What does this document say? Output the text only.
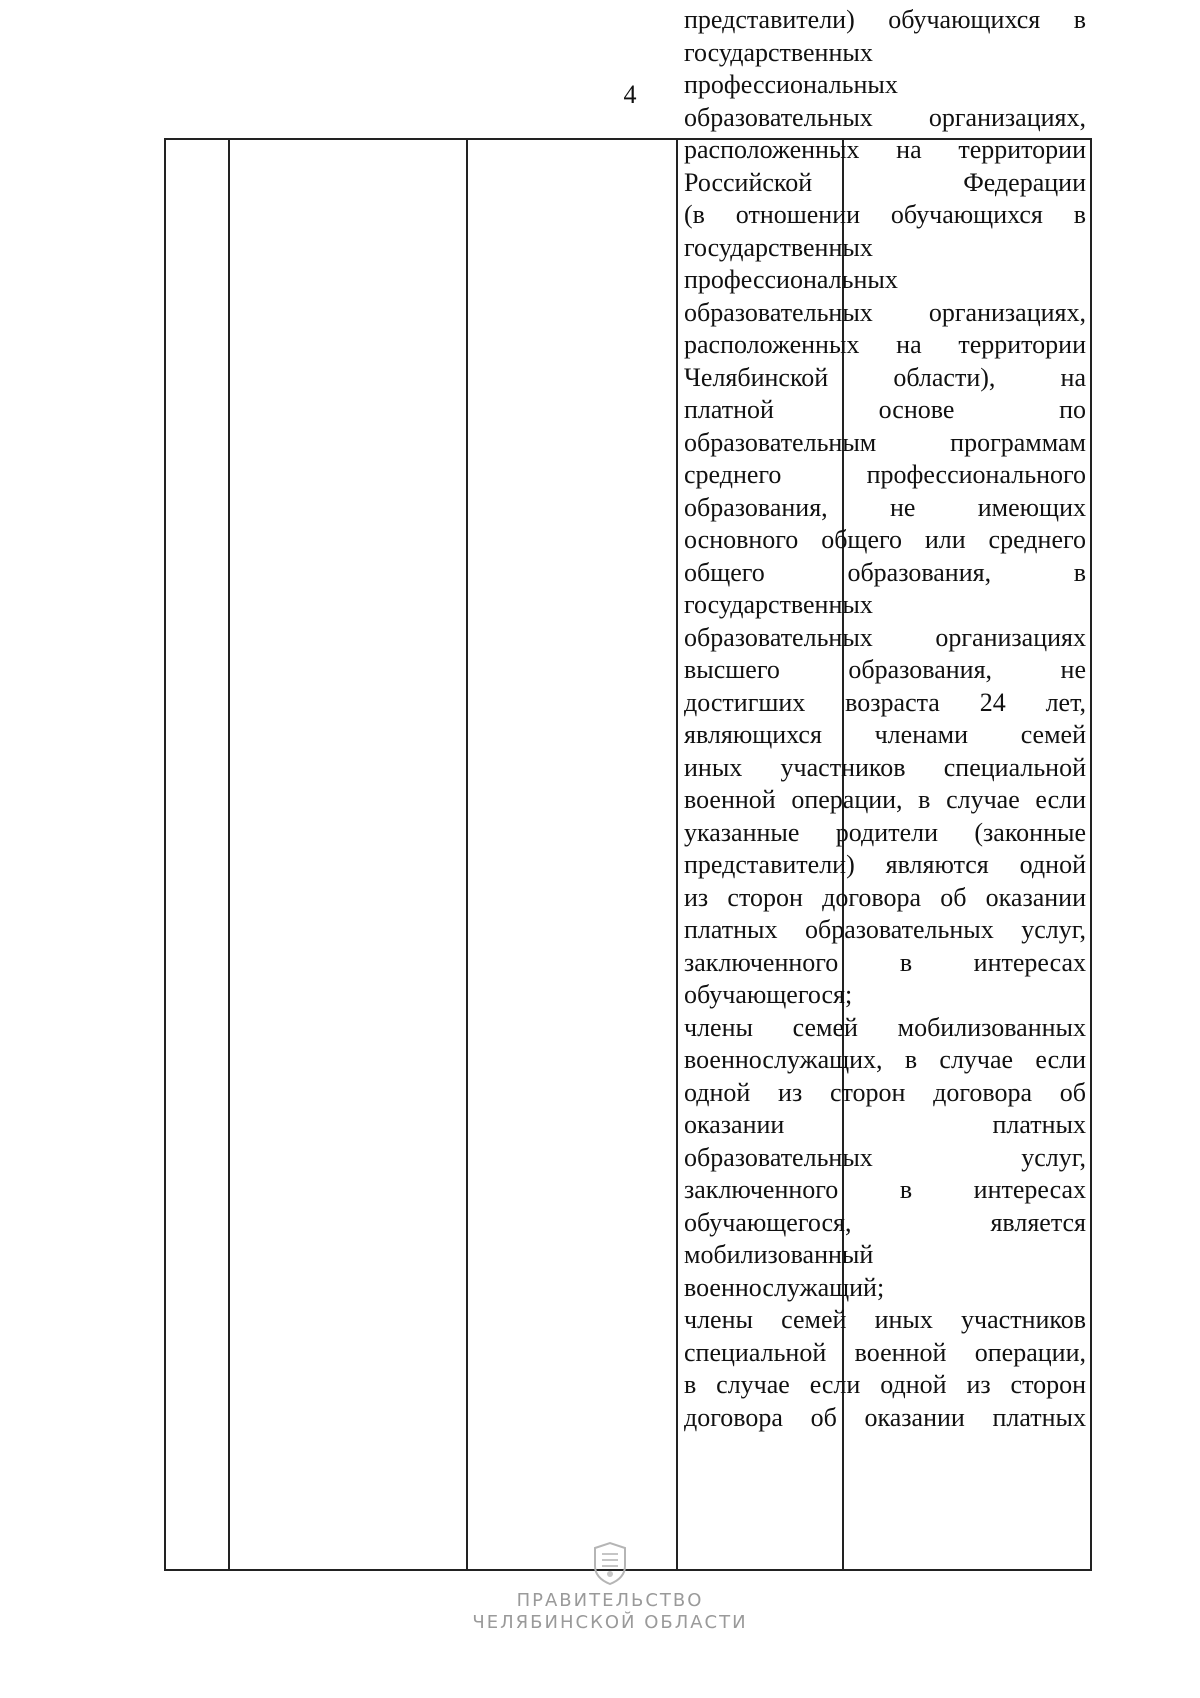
4
представители) обучающихся в
государственных
профессиональных
образовательных организациях,
расположенных на территории
Российской Федерации
(в отношении обучающихся в
государственных
профессиональных
образовательных организациях,
расположенных на территории
Челябинской области), на
платной основе по
образовательным программам
среднего профессионального
образования, не имеющих
основного общего или среднего
общего образования, в
государственных
образовательных организациях
высшего образования, не
достигших возраста 24 лет,
являющихся членами семей
иных участников специальной
военной операции, в случае если
указанные родители (законные
представители) являются одной
из сторон договора об оказании
платных образовательных услуг,
заключенного в интересах
обучающегося;
члены семей мобилизованных
военнослужащих, в случае если
одной из сторон договора об
оказании платных
образовательных услуг,
заключенного в интересах
обучающегося, является
мобилизованный
военнослужащий;
члены семей иных участников
специальной военной операции,
в случае если одной из сторон
договора об оказании платных
ПРАВИТЕЛЬСТВО
ЧЕЛЯБИНСКОЙ ОБЛАСТИ
